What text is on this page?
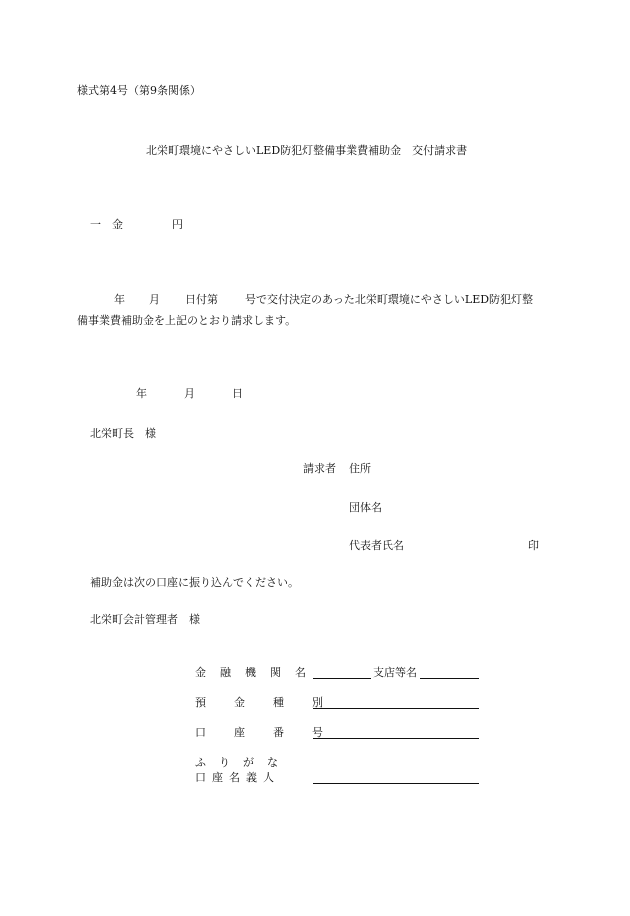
様式第4号（第9条関係）
北栄町環境にやさしいLED防犯灯整備事業費補助金　交付請求書
一　金	円
年 月 日付第 号で交付決定のあった北栄町環境にやさしいLED防犯灯整
備事業費補助金を上記のとおり請求します。
年	月	日
北栄町長　様
請求者 住所
団体名
代表者氏名	印
補助金は次の口座に振り込んでください。
北栄町会計管理者　様
金融機関名	支店等名
預金種別
口座番号
ふりがな
口座名義人
